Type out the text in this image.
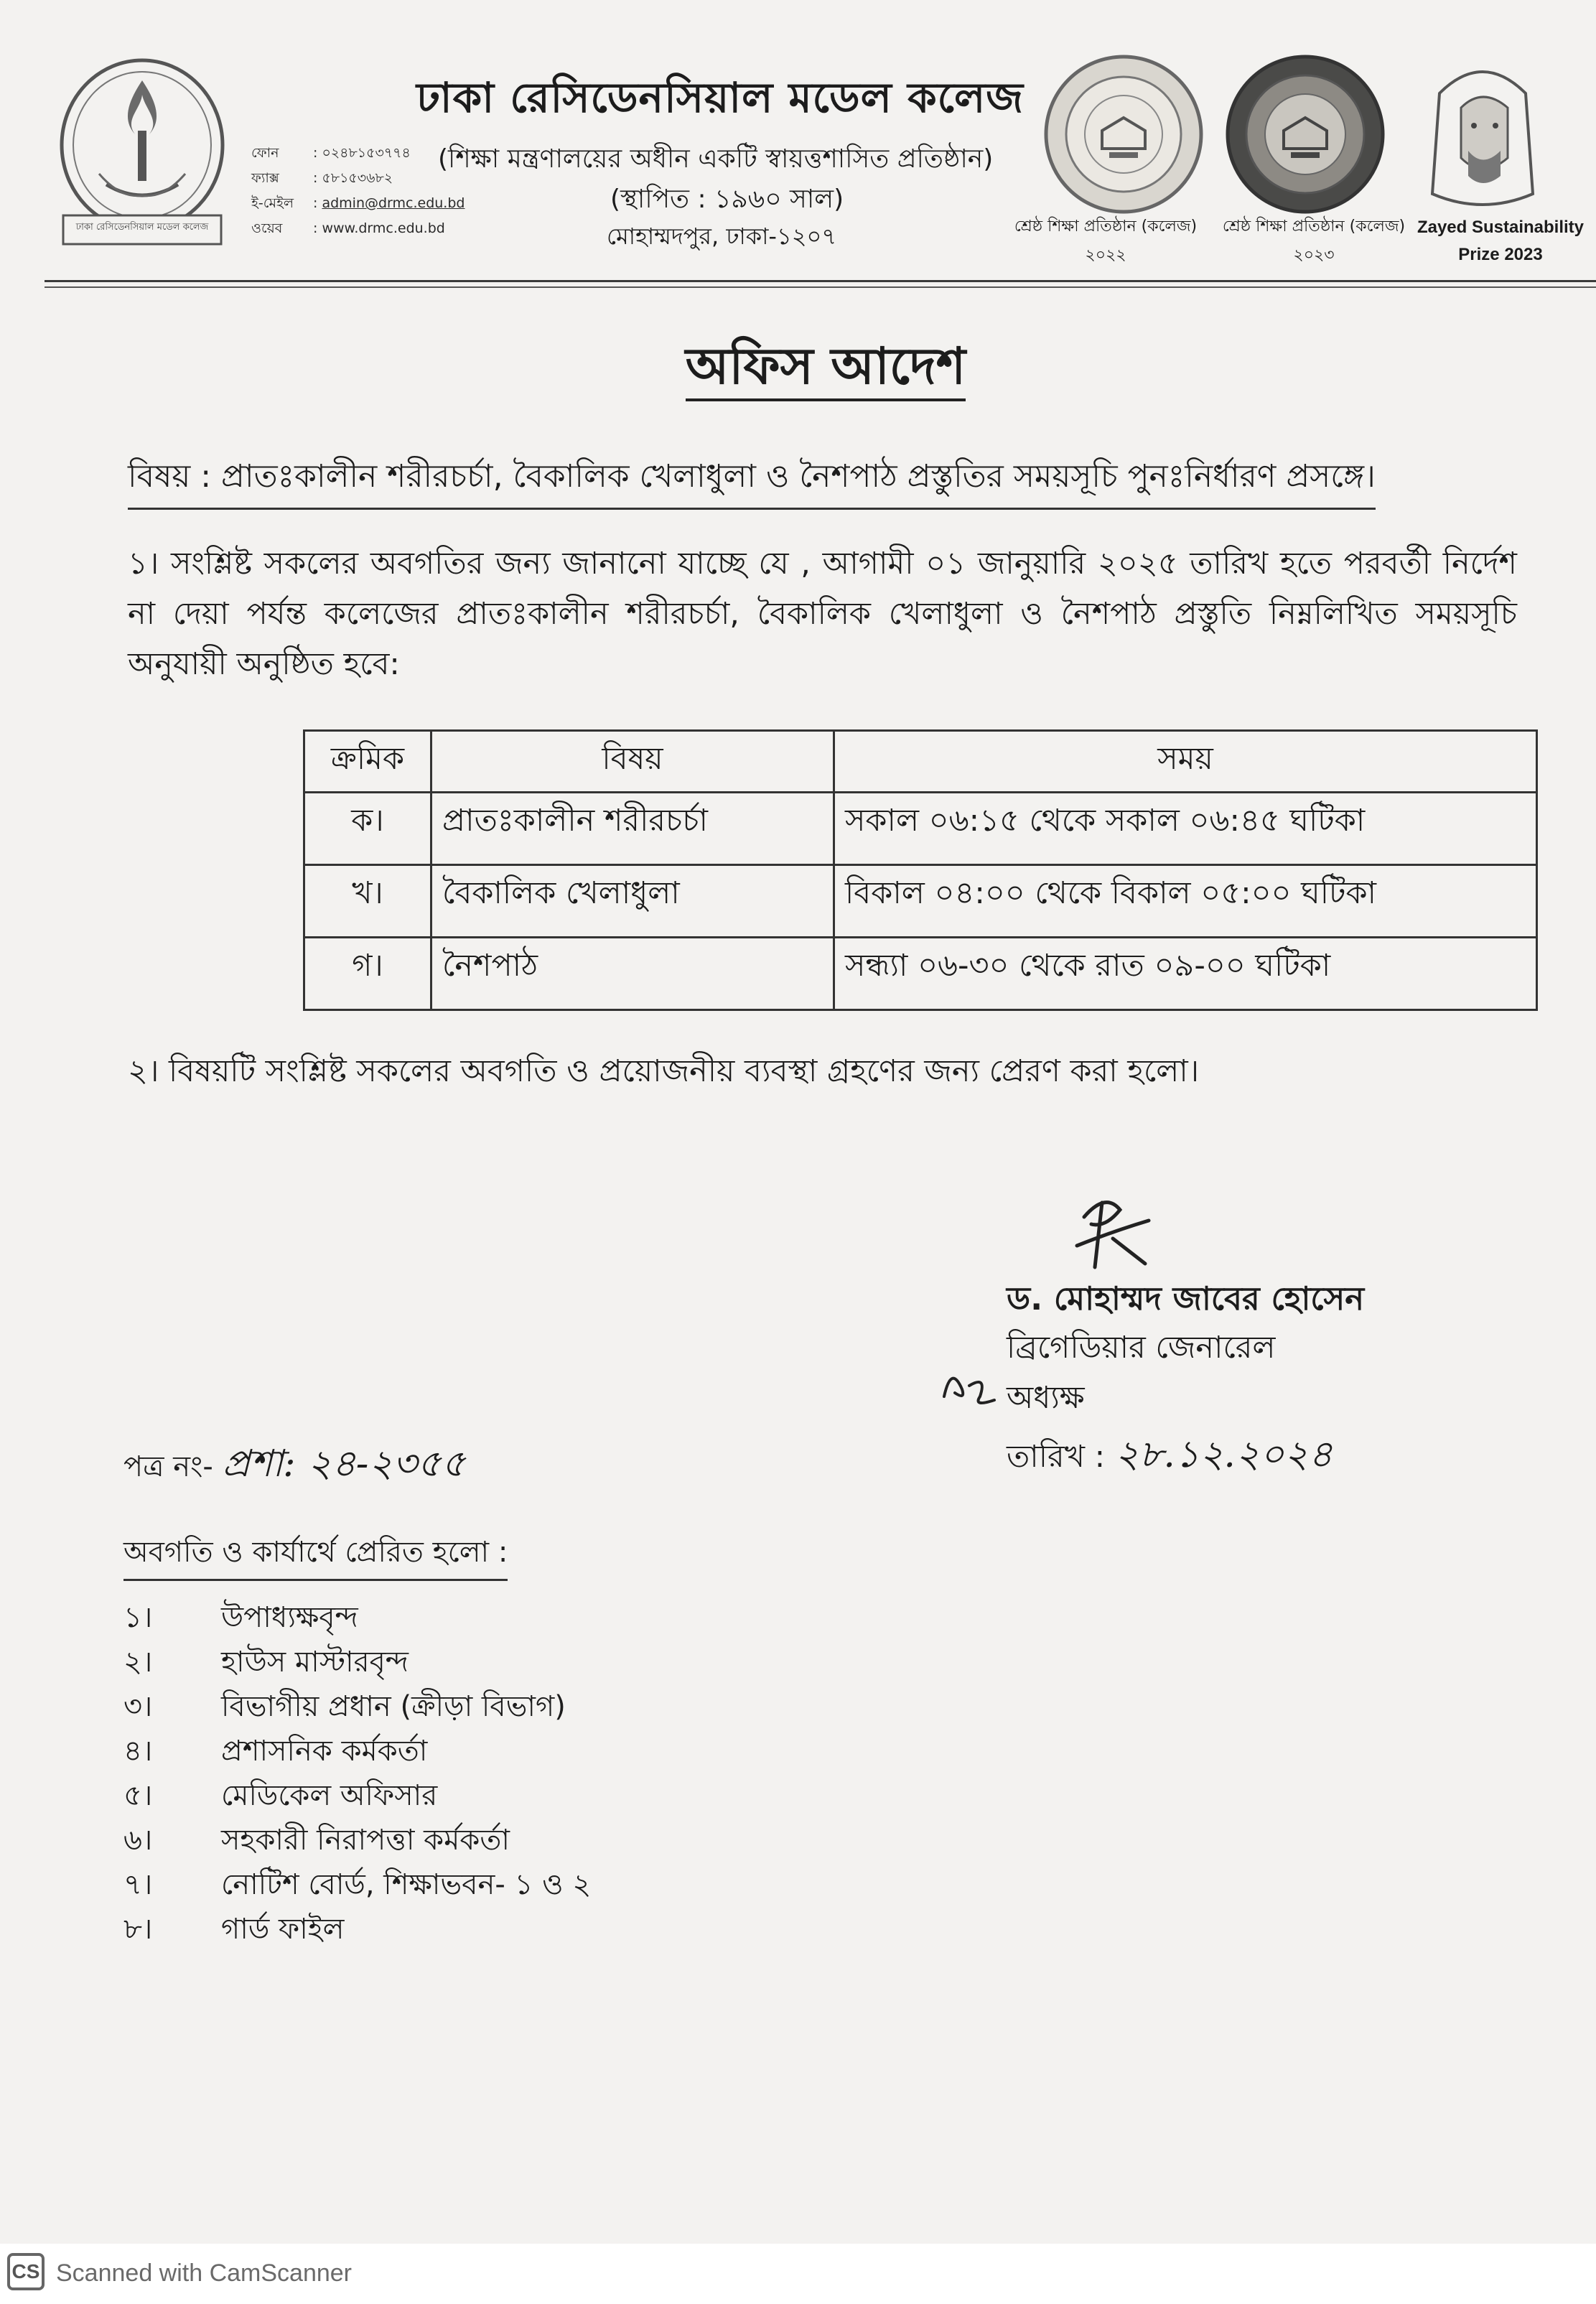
ঢাকা রেসিডেনসিয়াল মডেল কলেজ
ফোন	: ০২৪৮১৫৩৭৭৪
ফ্যাক্স	: ৫৮১৫৩৬৮২
ই-মেইল	: admin@drmc.edu.bd
ওয়েব	: www.drmc.edu.bd
ঢাকা রেসিডেনসিয়াল মডেল কলেজ
(শিক্ষা মন্ত্রণালয়ের অধীন একটি স্বায়ত্তশাসিত প্রতিষ্ঠান)
(স্থাপিত : ১৯৬০ সাল)
মোহাম্মদপুর, ঢাকা-১২০৭	শ্রেষ্ঠ শিক্ষা প্রতিষ্ঠান (কলেজ)
২০২২
শ্রেষ্ঠ শিক্ষা প্রতিষ্ঠান (কলেজ)
২০২৩
Zayed Sustainability
Prize 2023
অফিস আদেশ
বিষয় : প্রাতঃকালীন শরীরচর্চা, বৈকালিক খেলাধুলা ও নৈশপাঠ প্রস্তুতির সময়সূচি পুনঃনির্ধারণ প্রসঙ্গে।
১। সংশ্লিষ্ট সকলের অবগতির জন্য জানানো যাচ্ছে যে , আগামী ০১ জানুয়ারি ২০২৫ তারিখ হতে পরবর্তী নির্দেশ না দেয়া পর্যন্ত কলেজের প্রাতঃকালীন শরীরচর্চা, বৈকালিক খেলাধুলা ও নৈশপাঠ প্রস্তুতি নিম্নলিখিত সময়সূচি অনুযায়ী অনুষ্ঠিত হবে:
ক্রমিক	বিষয়	সময়
ক।	প্রাতঃকালীন শরীরচর্চা	সকাল ০৬:১৫ থেকে সকাল ০৬:৪৫ ঘটিকা
খ।	বৈকালিক খেলাধুলা	বিকাল ০৪:০০ থেকে বিকাল ০৫:০০ ঘটিকা
গ।	নৈশপাঠ	সন্ধ্যা ০৬-৩০ থেকে রাত ০৯-০০ ঘটিকা
২। বিষয়টি সংশ্লিষ্ট সকলের অবগতি ও প্রয়োজনীয় ব্যবস্থা গ্রহণের জন্য প্রেরণ করা হলো।
ড. মোহাম্মদ জাবের হোসেন
ব্রিগেডিয়ার জেনারেল
অধ্যক্ষ
তারিখ : ২৮.১২.২০২৪
পত্র নং- প্রশা: ২৪-২৩৫৫
অবগতি ও কার্যার্থে প্রেরিত হলো :
১।	উপাধ্যক্ষবৃন্দ
২।	হাউস মাস্টারবৃন্দ
৩।	বিভাগীয় প্রধান (ক্রীড়া বিভাগ)
৪।	প্রশাসনিক কর্মকর্তা
৫।	মেডিকেল অফিসার
৬।	সহকারী নিরাপত্তা কর্মকর্তা
৭।	নোটিশ বোর্ড, শিক্ষাভবন- ১ ও ২
৮।	গার্ড ফাইল
CS Scanned with CamScanner
